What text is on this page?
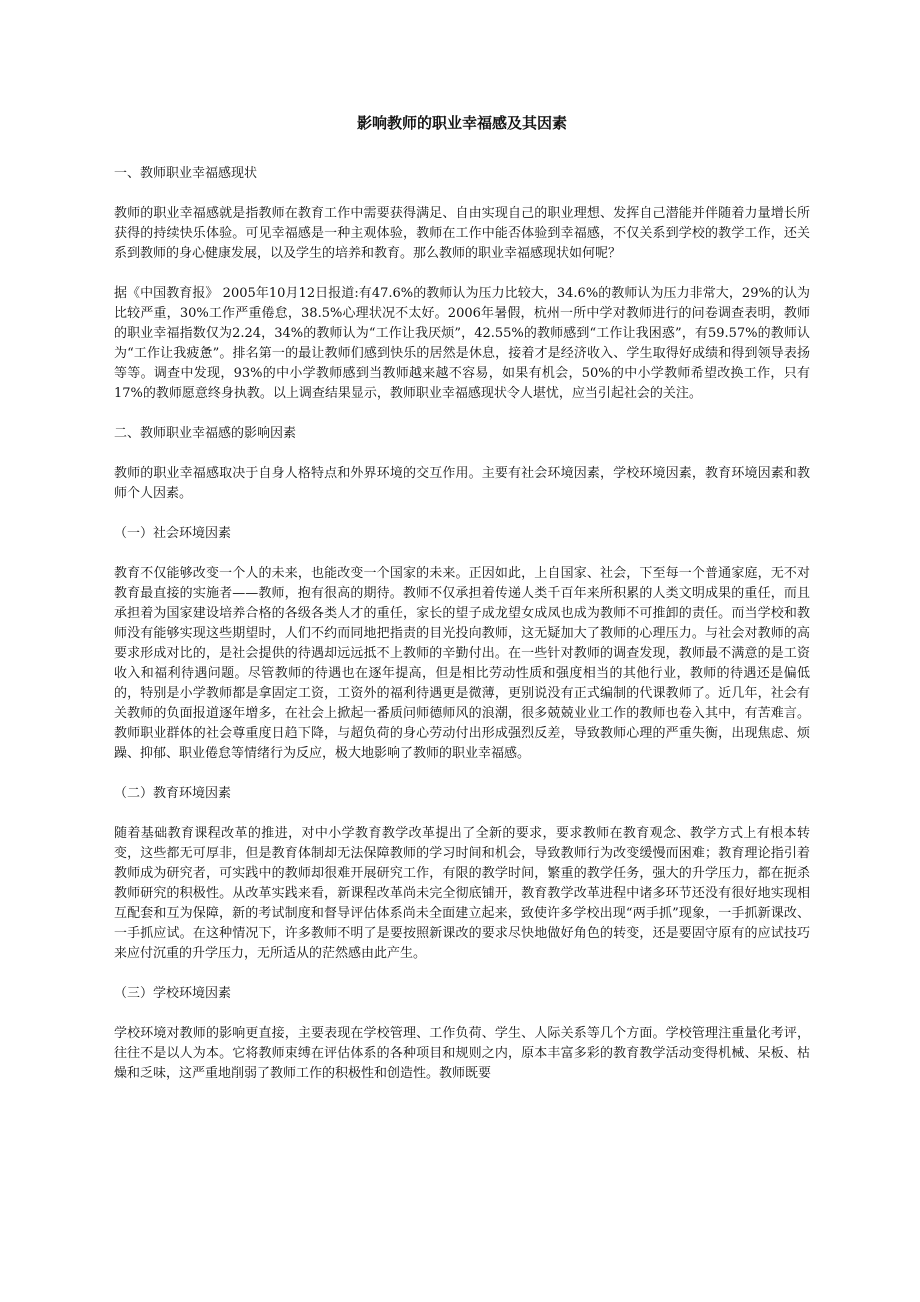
影响教师的职业幸福感及其因素
一、教师职业幸福感现状

教师的职业幸福感就是指教师在教育工作中需要获得满足、自由实现自己的职业理想、发挥自己潜能并伴随着力量增长所获得的持续快乐体验。可见幸福感是一种主观体验，教师在工作中能否体验到幸福感，不仅关系到学校的教学工作，还关系到教师的身心健康发展，以及学生的培养和教育。那么教师的职业幸福感现状如何呢？

据《中国教育报》 2005年10月12日报道:有47.6%的教师认为压力比较大，34.6%的教师认为压力非常大，29%的认为比较严重，30%工作严重倦怠，38.5%心理状况不太好。2006年暑假，杭州一所中学对教师进行的问卷调查表明，教师的职业幸福指数仅为2.24，34%的教师认为“工作让我厌烦”，42.55%的教师感到“工作让我困惑”，有59.57%的教师认为“工作让我疲惫”。排名第一的最让教师们感到快乐的居然是休息，接着才是经济收入、学生取得好成绩和得到领导表扬等等。调查中发现，93%的中小学教师感到当教师越来越不容易，如果有机会，50%的中小学教师希望改换工作，只有17%的教师愿意终身执教。以上调查结果显示，教师职业幸福感现状令人堪忧，应当引起社会的关注。

二、教师职业幸福感的影响因素

教师的职业幸福感取决于自身人格特点和外界环境的交互作用。主要有社会环境因素，学校环境因素，教育环境因素和教师个人因素。

（一）社会环境因素

教育不仅能够改变一个人的未来，也能改变一个国家的未来。正因如此，上自国家、社会，下至每一个普通家庭，无不对教育最直接的实施者——教师，抱有很高的期待。教师不仅承担着传递人类千百年来所积累的人类文明成果的重任，而且承担着为国家建设培养合格的各级各类人才的重任，家长的望子成龙望女成凤也成为教师不可推卸的责任。而当学校和教师没有能够实现这些期望时，人们不约而同地把指责的目光投向教师，这无疑加大了教师的心理压力。与社会对教师的高要求形成对比的，是社会提供的待遇却远远抵不上教师的辛勤付出。在一些针对教师的调查发现，教师最不满意的是工资收入和福利待遇问题。尽管教师的待遇也在逐年提高，但是相比劳动性质和强度相当的其他行业，教师的待遇还是偏低的，特别是小学教师都是拿固定工资，工资外的福利待遇更是微薄，更别说没有正式编制的代课教师了。近几年，社会有关教师的负面报道逐年增多，在社会上掀起一番质问师德师风的浪潮，很多兢兢业业工作的教师也卷入其中，有苦难言。教师职业群体的社会尊重度日趋下降，与超负荷的身心劳动付出形成强烈反差，导致教师心理的严重失衡，出现焦虑、烦躁、抑郁、职业倦怠等情绪行为反应，极大地影响了教师的职业幸福感。

（二）教育环境因素

随着基础教育课程改革的推进，对中小学教育教学改革提出了全新的要求，要求教师在教育观念、教学方式上有根本转变，这些都无可厚非，但是教育体制却无法保障教师的学习时间和机会，导致教师行为改变缓慢而困难；教育理论指引着教师成为研究者，可实践中的教师却很难开展研究工作，有限的教学时间，繁重的教学任务，强大的升学压力，都在扼杀教师研究的积极性。从改革实践来看，新课程改革尚未完全彻底铺开，教育教学改革进程中诸多环节还没有很好地实现相互配套和互为保障，新的考试制度和督导评估体系尚未全面建立起来，致使许多学校出现“两手抓”现象，一手抓新课改、一手抓应试。在这种情况下，许多教师不明了是要按照新课改的要求尽快地做好角色的转变，还是要固守原有的应试技巧来应付沉重的升学压力，无所适从的茫然感由此产生。

（三）学校环境因素

学校环境对教师的影响更直接，主要表现在学校管理、工作负荷、学生、人际关系等几个方面。学校管理注重量化考评，往往不是以人为本。它将教师束缚在评估体系的各种项目和规则之内，原本丰富多彩的教育教学活动变得机械、呆板、枯燥和乏味，这严重地削弱了教师工作的积极性和创造性。教师既要
